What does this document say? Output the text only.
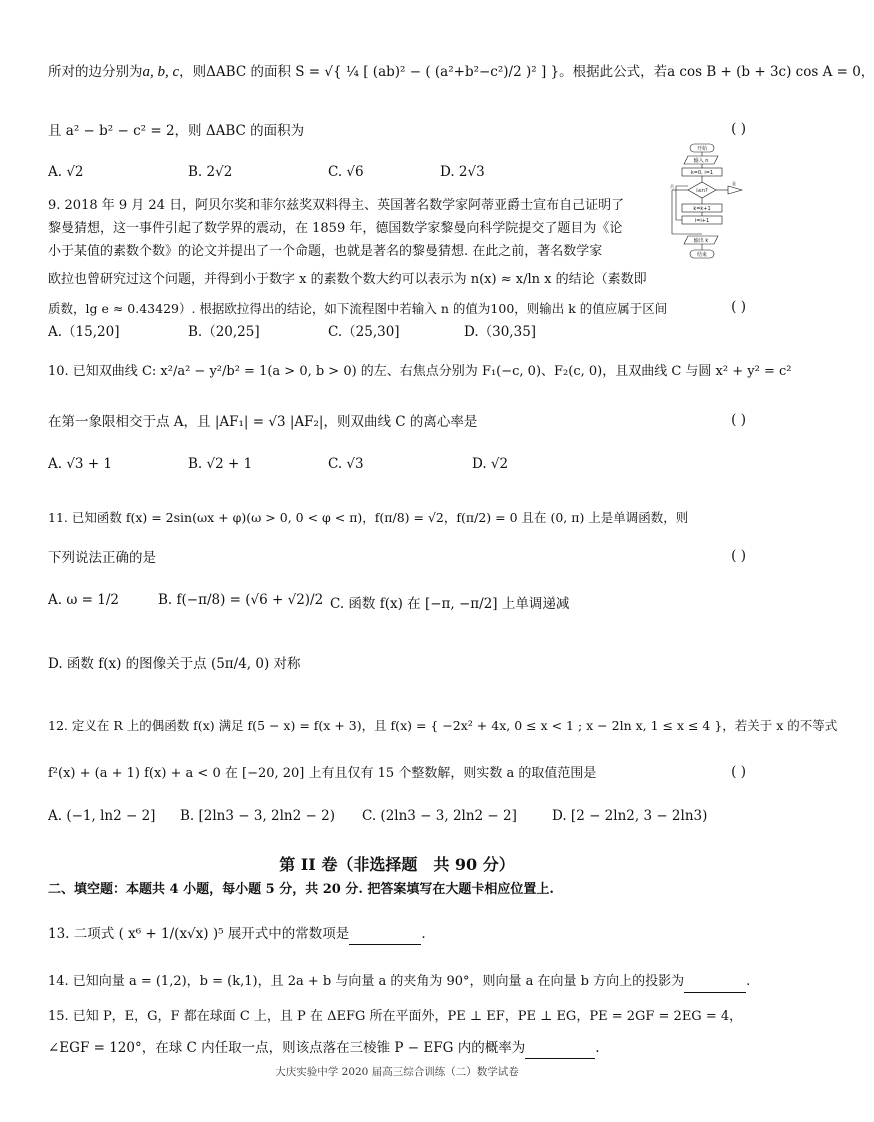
所对的边分别为a, b, c，则ΔABC 的面积 S = √{ ¼ [ (ab)² − ( (a²+b²−c²)/2 )² ] }。根据此公式，若a cos B + (b + 3c) cos A = 0，
且 a² − b² − c² = 2，则 ΔABC 的面积为	( )
A. √2	B. 2√2	C. √6	D. 2√3
9. 2018 年 9 月 24 日，阿贝尔奖和菲尔兹奖双料得主、英国著名数学家阿蒂亚爵士宣布自己证明了
黎曼猜想，这一事件引起了数学界的震动，在 1859 年，德国数学家黎曼向科学院提交了题目为《论
小于某值的素数个数》的论文并提出了一个命题，也就是著名的黎曼猜想. 在此之前，著名数学家
欧拉也曾研究过这个问题，并得到小于数字 x 的素数个数大约可以表示为 n(x) ≈ x/ln x 的结论（素数即
质数，lg e ≈ 0.43429）. 根据欧拉得出的结论，如下流程图中若输入 n 的值为100，则输出 k 的值应属于区间	( )
A.（15,20]	B.（20,25]	C.（25,30]	D.（30,35]
开始
输入 n
k=0, i=1
i≤n?
是
k=k+1
i=i+1
否
输出 k
结束
10. 已知双曲线 C: x²/a² − y²/b² = 1(a > 0, b > 0) 的左、右焦点分别为 F₁(−c, 0)、F₂(c, 0)，且双曲线 C 与圆 x² + y² = c²
在第一象限相交于点 A，且 |AF₁| = √3 |AF₂|，则双曲线 C 的离心率是	( )
A. √3 + 1	B. √2 + 1	C. √3	D. √2
11. 已知函数 f(x) = 2sin(ωx + φ)(ω > 0, 0 < φ < π)，f(π/8) = √2，f(π/2) = 0 且在 (0, π) 上是单调函数，则
下列说法正确的是	( )
A. ω = 1/2	B. f(−π/8) = (√6 + √2)/2 C. 函数 f(x) 在 [−π, −π/2] 上单调递减
D. 函数 f(x) 的图像关于点 (5π/4, 0) 对称
12. 定义在 R 上的偶函数 f(x) 满足 f(5 − x) = f(x + 3)，且 f(x) = { −2x² + 4x, 0 ≤ x < 1 ; x − 2ln x, 1 ≤ x ≤ 4 }，若关于 x 的不等式
f²(x) + (a + 1) f(x) + a < 0 在 [−20, 20] 上有且仅有 15 个整数解，则实数 a 的取值范围是	( )
A. (−1, ln2 − 2] B. [2ln3 − 3, 2ln2 − 2) C. (2ln3 − 3, 2ln2 − 2]	D. [2 − 2ln2, 3 − 2ln3)
第 II 卷（非选择题　共 90 分）
二、填空题：本题共 4 小题，每小题 5 分，共 20 分. 把答案填写在大题卡相应位置上.
13. 二项式 ( x⁶ + 1/(x√x) )⁵ 展开式中的常数项是	.
14. 已知向量 a = (1,2)，b = (k,1)，且 2a + b 与向量 a 的夹角为 90°，则向量 a 在向量 b 方向上的投影为	.
15. 已知 P，E，G，F 都在球面 C 上，且 P 在 ΔEFG 所在平面外，PE ⊥ EF，PE ⊥ EG，PE = 2GF = 2EG = 4，
∠EGF = 120°，在球 C 内任取一点，则该点落在三棱锥 P − EFG 内的概率为	.
大庆实验中学 2020 届高三综合训练（二）数学试卷
